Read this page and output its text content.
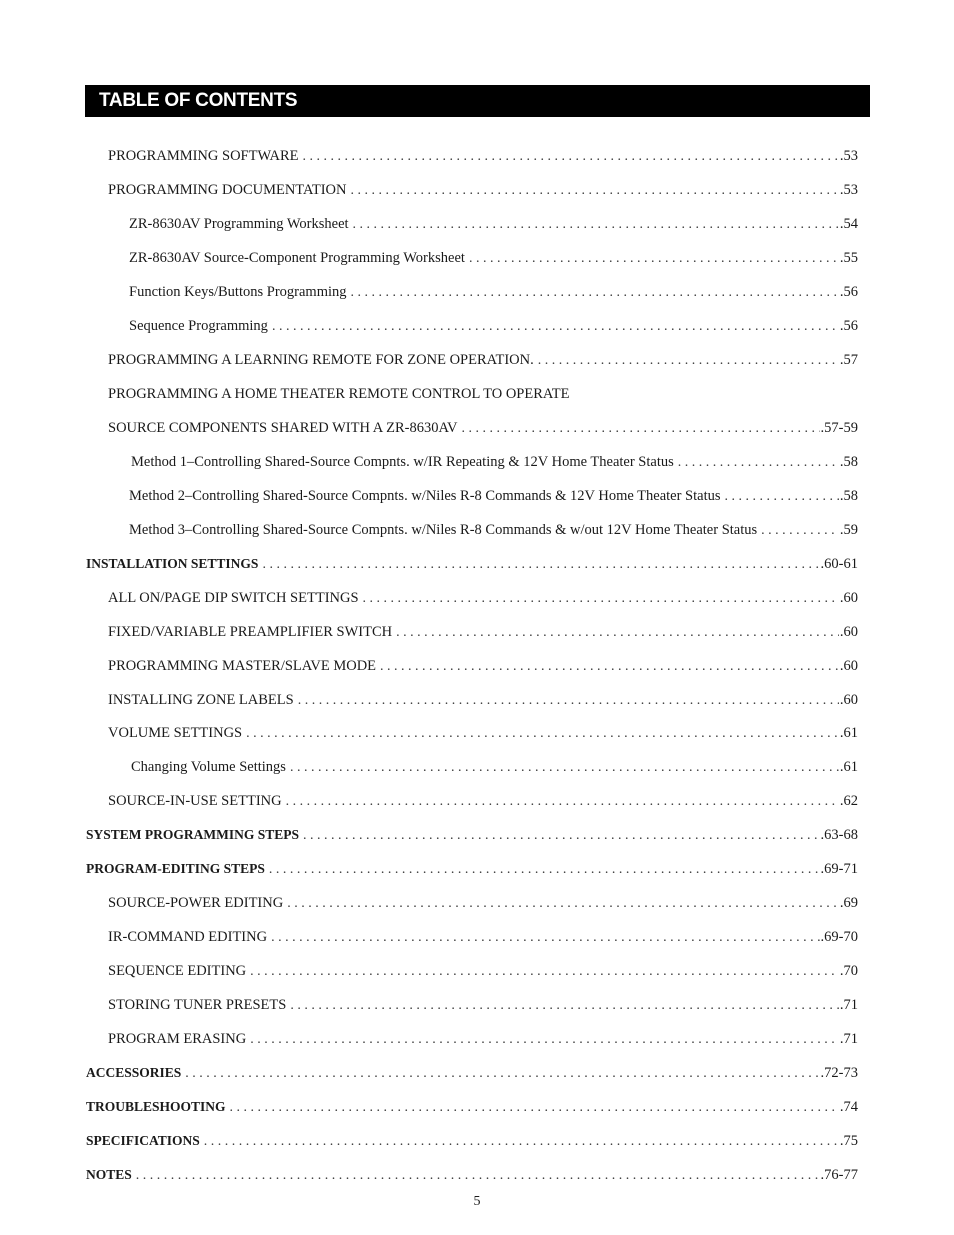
TABLE OF CONTENTS
PROGRAMMING SOFTWARE . . .	.53
PROGRAMMING DOCUMENTATION . . .	.53
ZR-8630AV Programming Worksheet . . .	.54
ZR-8630AV Source-Component Programming Worksheet . . .	.55
Function Keys/Buttons Programming . . .	.56
Sequence Programming . . .	.56
PROGRAMMING A LEARNING REMOTE FOR ZONE OPERATION. . . .	.57
PROGRAMMING A HOME THEATER REMOTE CONTROL TO OPERATE
SOURCE COMPONENTS SHARED WITH A ZR-8630AV . . .	.57-59
Method 1–Controlling Shared-Source Compnts. w/IR Repeating & 12V Home Theater Status . . .	.58
Method 2–Controlling Shared-Source Compnts. w/Niles R-8 Commands & 12V Home Theater Status . . .	.58
Method 3–Controlling Shared-Source Compnts. w/Niles R-8 Commands & w/out 12V Home Theater Status . . .	.59
INSTALLATION SETTINGS . . .	.60-61
ALL ON/PAGE DIP SWITCH SETTINGS . . .	.60
FIXED/VARIABLE PREAMPLIFIER SWITCH . . .	.60
PROGRAMMING MASTER/SLAVE MODE . . .	.60
INSTALLING ZONE LABELS . . .	.60
VOLUME SETTINGS . . .	.61
Changing Volume Settings . . .	.61
SOURCE-IN-USE SETTING . . .	.62
SYSTEM PROGRAMMING STEPS . . .	.63-68
PROGRAM-EDITING STEPS . . .	.69-71
SOURCE-POWER EDITING . . .	.69
IR-COMMAND EDITING . . .	.69-70
SEQUENCE EDITING . . .	.70
STORING TUNER PRESETS . . .	.71
PROGRAM ERASING . . .	.71
ACCESSORIES . . .	.72-73
TROUBLESHOOTING . . .	.74
SPECIFICATIONS . . .	.75
NOTES . . .	.76-77
5
